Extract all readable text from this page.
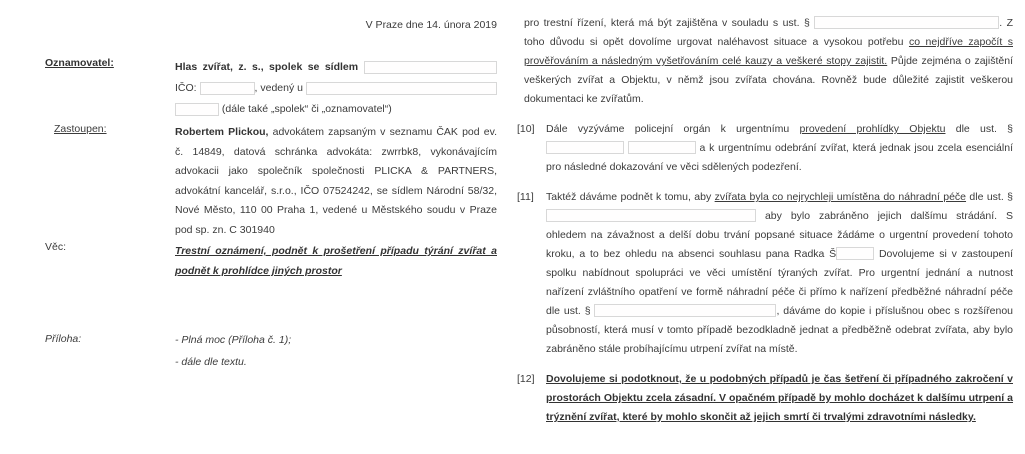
V Praze dne 14. února 2019
Oznamovatel:	Hlas zvířat, z. s., spolek se sídlem
IČO:	, vedený u
(dále také „spolek“ či „oznamovatel“)
Zastoupen:	Robertem Plickou, advokátem zapsaným v seznamu ČAK pod ev. č. 14849, datová schránka advokáta: zwrrbk8, vykonávajícím advokacii jako společník společnosti PLICKA & PARTNERS, advokátní kancelář, s.r.o., IČO 07524242, se sídlem Národní 58/32, Nové Město, 110 00 Praha 1, vedené u Městského soudu v Praze pod sp. zn. C 301940
Věc:	Trestní oznámení, podnět k prošetření případu týrání zvířat a podnět k prohlídce jiných prostor
Příloha:	- Plná moc (Příloha č. 1);
- dále dle textu.
pro trestní řízení, která má být zajištěna v souladu s ust. §	. Z toho důvodu si opět dovolíme urgovat naléhavost situace a vysokou potřebu co nejdříve započít s prověřováním a následným vyšetřováním celé kauzy a veškeré stopy zajistit. Půjde zejména o zajištění veškerých zvířat a Objektu, v němž jsou zvířata chována. Rovněž bude důležité zajistit veškerou dokumentaci ke zvířatům.
[10] Dále vyzýváme policejní orgán k urgentnímu provedení prohlídky Objektu dle ust. §   a k urgentnímu odebrání zvířat, která jednak jsou zcela esenciální pro následné dokazování ve věci sdělených podezření.
[11] Taktéž dáváme podnět k tomu, aby zvířata byla co nejrychleji umístěna do náhradní péče dle ust. §  aby bylo zabráněno jejich dalšímu strádání. S ohledem na závažnost a delší dobu trvání popsané situace žádáme o urgentní provedení tohoto kroku, a to bez ohledu na absenci souhlasu pana Radka Š	Dovolujeme si v zastoupení spolku nabídnout spolupráci ve věci umístění týraných zvířat. Pro urgentní jednání a nutnost nařízení zvláštního opatření ve formě náhradní péče či přímo k nařízení předběžné náhradní péče dle ust. §	, dáváme do kopie i příslušnou obec s rozšířenou působností, která musí v tomto případě bezodkladně jednat a předběžně odebrat zvířata, aby bylo zabráněno stále probíhajícímu utrpení zvířat na místě.
[12] Dovolujeme si podotknout, že u podobných případů je čas šetření či případného zakročení v prostorách Objektu zcela zásadní. V opačném případě by mohlo docházet k dalšímu utrpení a trýznění zvířat, které by mohlo skončit až jejich smrtí či trvalými zdravotními následky.
